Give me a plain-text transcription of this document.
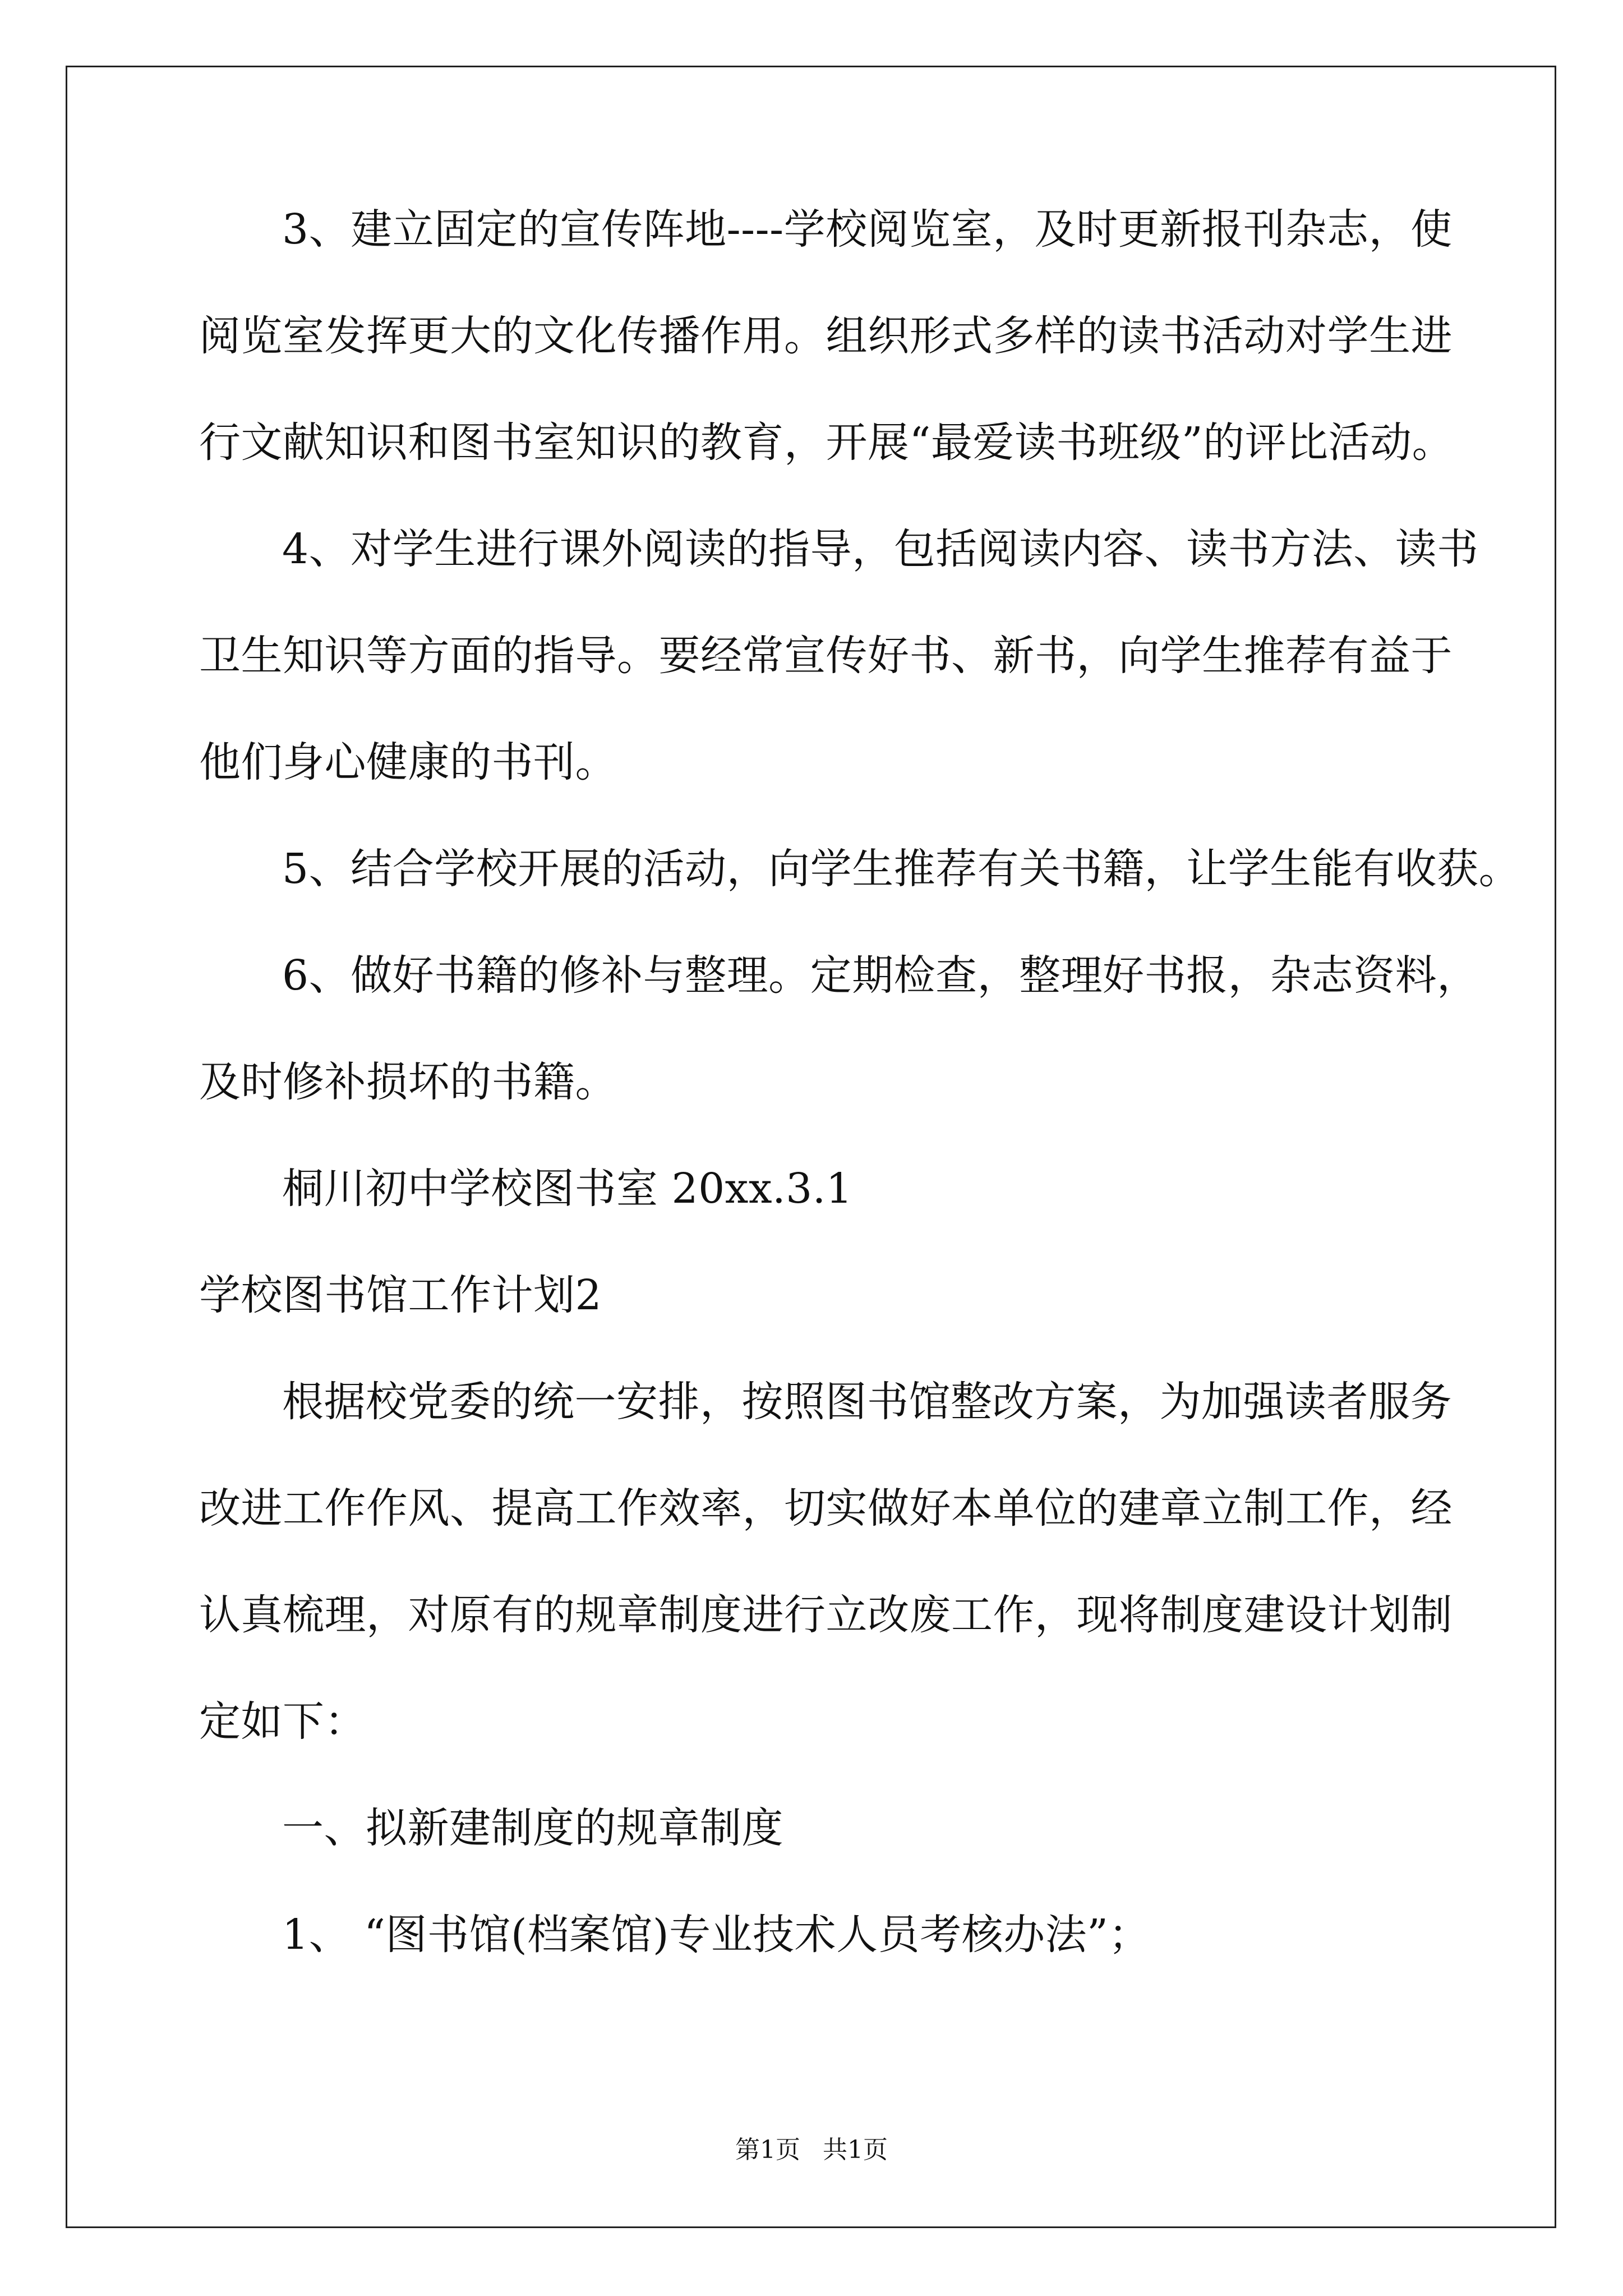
3、建立固定的宣传阵地----学校阅览室，及时更新报刊杂志，使
阅览室发挥更大的文化传播作用。组织形式多样的读书活动对学生进
行文献知识和图书室知识的教育，开展“最爱读书班级”的评比活动。
4、对学生进行课外阅读的指导，包括阅读内容、读书方法、读书
卫生知识等方面的指导。要经常宣传好书、新书，向学生推荐有益于
他们身心健康的书刊。
5、结合学校开展的活动，向学生推荐有关书籍，让学生能有收获。
6、做好书籍的修补与整理。定期检查，整理好书报，杂志资料，
及时修补损坏的书籍。
桐川初中学校图书室 20xx.3.1
学校图书馆工作计划2
根据校党委的统一安排，按照图书馆整改方案，为加强读者服务
改进工作作风、提高工作效率，切实做好本单位的建章立制工作，经
认真梳理，对原有的规章制度进行立改废工作，现将制度建设计划制
定如下：
一、拟新建制度的规章制度
1、 “图书馆(档案馆)专业技术人员考核办法”；
第1页 共1页
